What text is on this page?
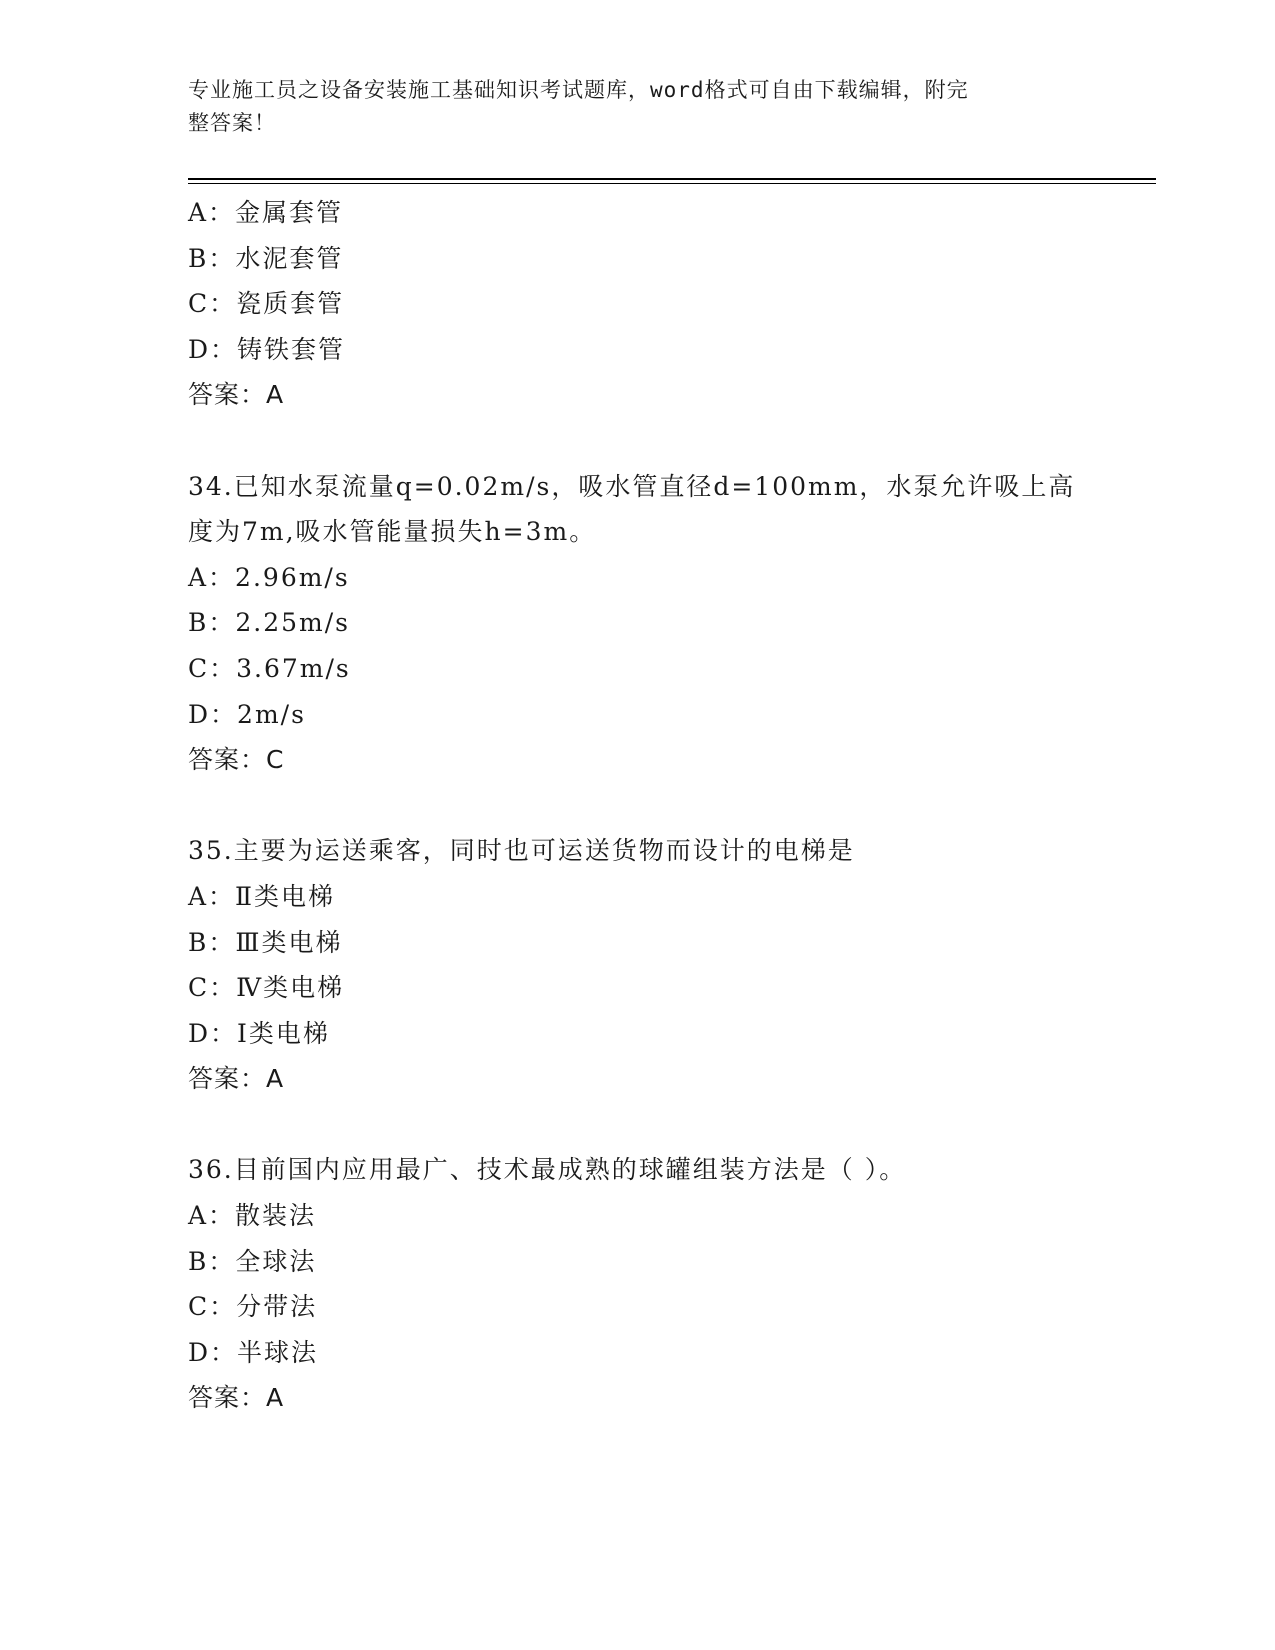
专业施工员之设备安装施工基础知识考试题库，word格式可自由下载编辑，附完
整答案！
A：金属套管
B：水泥套管
C：瓷质套管
D：铸铁套管
答案：A
34.已知水泵流量q=0.02m/s，吸水管直径d=100mm，水泵允许吸上高
度为7m,吸水管能量损失h=3m。
A：2.96m/s
B：2.25m/s
C：3.67m/s
D：2m/s
答案：C
35.主要为运送乘客，同时也可运送货物而设计的电梯是
A：Ⅱ类电梯
B：Ⅲ类电梯
C：Ⅳ类电梯
D：Ⅰ类电梯
答案：A
36.目前国内应用最广、技术最成熟的球罐组装方法是（ ）。
A：散装法
B：全球法
C：分带法
D：半球法
答案：A
